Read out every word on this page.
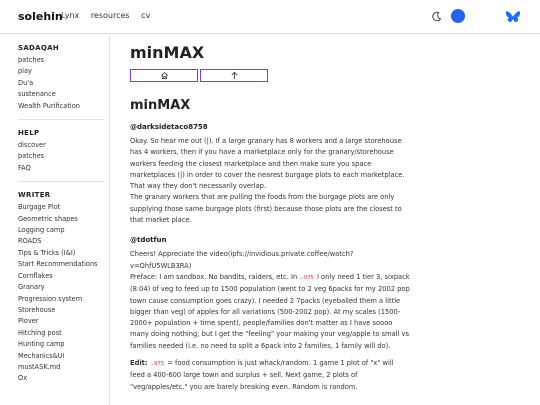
solehin
Lynx resources cv
SADAQAH
patches
play
Du'a
sustenance
Wealth Purification
HELP
discover
patches
FAQ
WRITER
Burgage Plot
Geometric shapes
Logging camp
ROADS
Tips & Tricks (I&I)
Start Recommendations
Cornflakes
Granary
Progression system
Storehouse
Plover
Hitching post
Hunting camp
Mechanics&UI
mustASK.md
Ox
minMAX
minMAX
@darksidetaco8758
Okay. So hear me out (‌|‌). If a large granary has 8 workers and a large storehouse has 4 workers, then if you have a marketplace only for the granary/storehouse workers feeding the closest marketplace and then make sure you space marketplaces (‌|‌) in order to cover the nearest burgage plots to each marketplace.
That way they don't necessarily overlap.
The granary workers that are pulling the foods from the burgage plots are only supplying those same burgage plots (first) because those plots are the closest to that market place.
@tdotfun
Cheers! Appreciate the video(ipfs://invidious.private.coffee/watch?v=OhfU5WLB3RA)
Preface: I am sandbox. No bandits, raiders, etc. In .975 I only need 1 tier 3, sixpack (8:04) of veg to feed up to 1500 population (went to 2 veg 6packs for my 2002 pop town cause consumption goes crazy). I needed 2 7packs (eyeballed them a little bigger than veg) of apples for all variations (500-2002 pop). At my scales (1500-2000+ population + time spent), people/families don't matter as I have soooo many doing nothing; but I get the "feeling" your making your veg/apple to small vs families needed (i.e. no need to split a 6pack into 2 families, 1 family will do).
Edit: .975 = food consumption is just whack/random. 1 game 1 plot of "x" will feed a 400-600 large town and surplus + sell. Next game, 2 plots of "veg/apples/etc." you are barely breaking even. Random is random.
